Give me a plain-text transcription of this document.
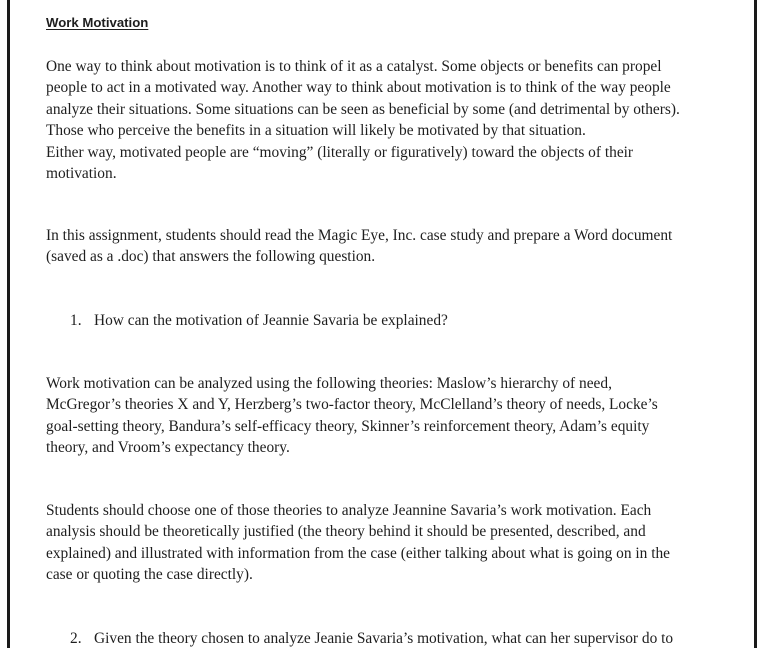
Work Motivation
One way to think about motivation is to think of it as a catalyst. Some objects or benefits can propel
people to act in a motivated way. Another way to think about motivation is to think of the way people
analyze their situations. Some situations can be seen as beneficial by some (and detrimental by others).
Those who perceive the benefits in a situation will likely be motivated by that situation.
Either way, motivated people are “moving” (literally or figuratively) toward the objects of their
motivation.
In this assignment, students should read the Magic Eye, Inc. case study and prepare a Word document
(saved as a .doc) that answers the following question.
1. How can the motivation of Jeannie Savaria be explained?
Work motivation can be analyzed using the following theories: Maslow’s hierarchy of need,
McGregor’s theories X and Y, Herzberg’s two-factor theory, McClelland’s theory of needs, Locke’s
goal-setting theory, Bandura’s self-efficacy theory, Skinner’s reinforcement theory, Adam’s equity
theory, and Vroom’s expectancy theory.
Students should choose one of those theories to analyze Jeannine Savaria’s work motivation. Each
analysis should be theoretically justified (the theory behind it should be presented, described, and
explained) and illustrated with information from the case (either talking about what is going on in the
case or quoting the case directly).
2. Given the theory chosen to analyze Jeanie Savaria’s motivation, what can her supervisor do to
